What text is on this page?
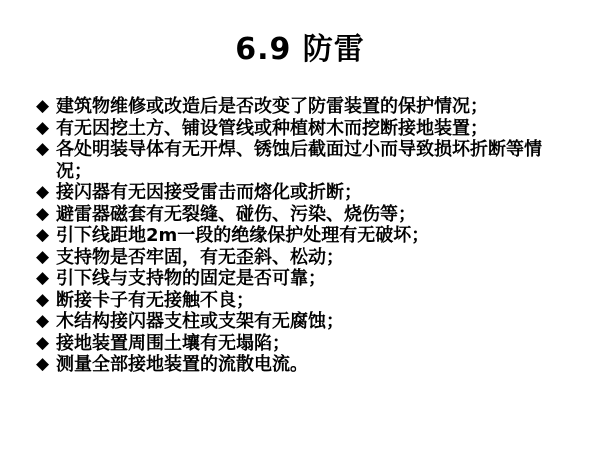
6.9 防雷
◆ 建筑物维修或改造后是否改变了防雷装置的保护情况；
◆ 有无因挖土方、铺设管线或种植树木而挖断接地装置；
◆ 各处明装导体有无开焊、锈蚀后截面过小而导致损坏折断等情况；
◆ 接闪器有无因接受雷击而熔化或折断；
◆ 避雷器磁套有无裂缝、碰伤、污染、烧伤等；
◆ 引下线距地2m一段的绝缘保护处理有无破坏；
◆ 支持物是否牢固，有无歪斜、松动；
◆ 引下线与支持物的固定是否可靠；
◆ 断接卡子有无接触不良；
◆ 木结构接闪器支柱或支架有无腐蚀；
◆ 接地装置周围土壤有无塌陷；
◆ 测量全部接地装置的流散电流。
